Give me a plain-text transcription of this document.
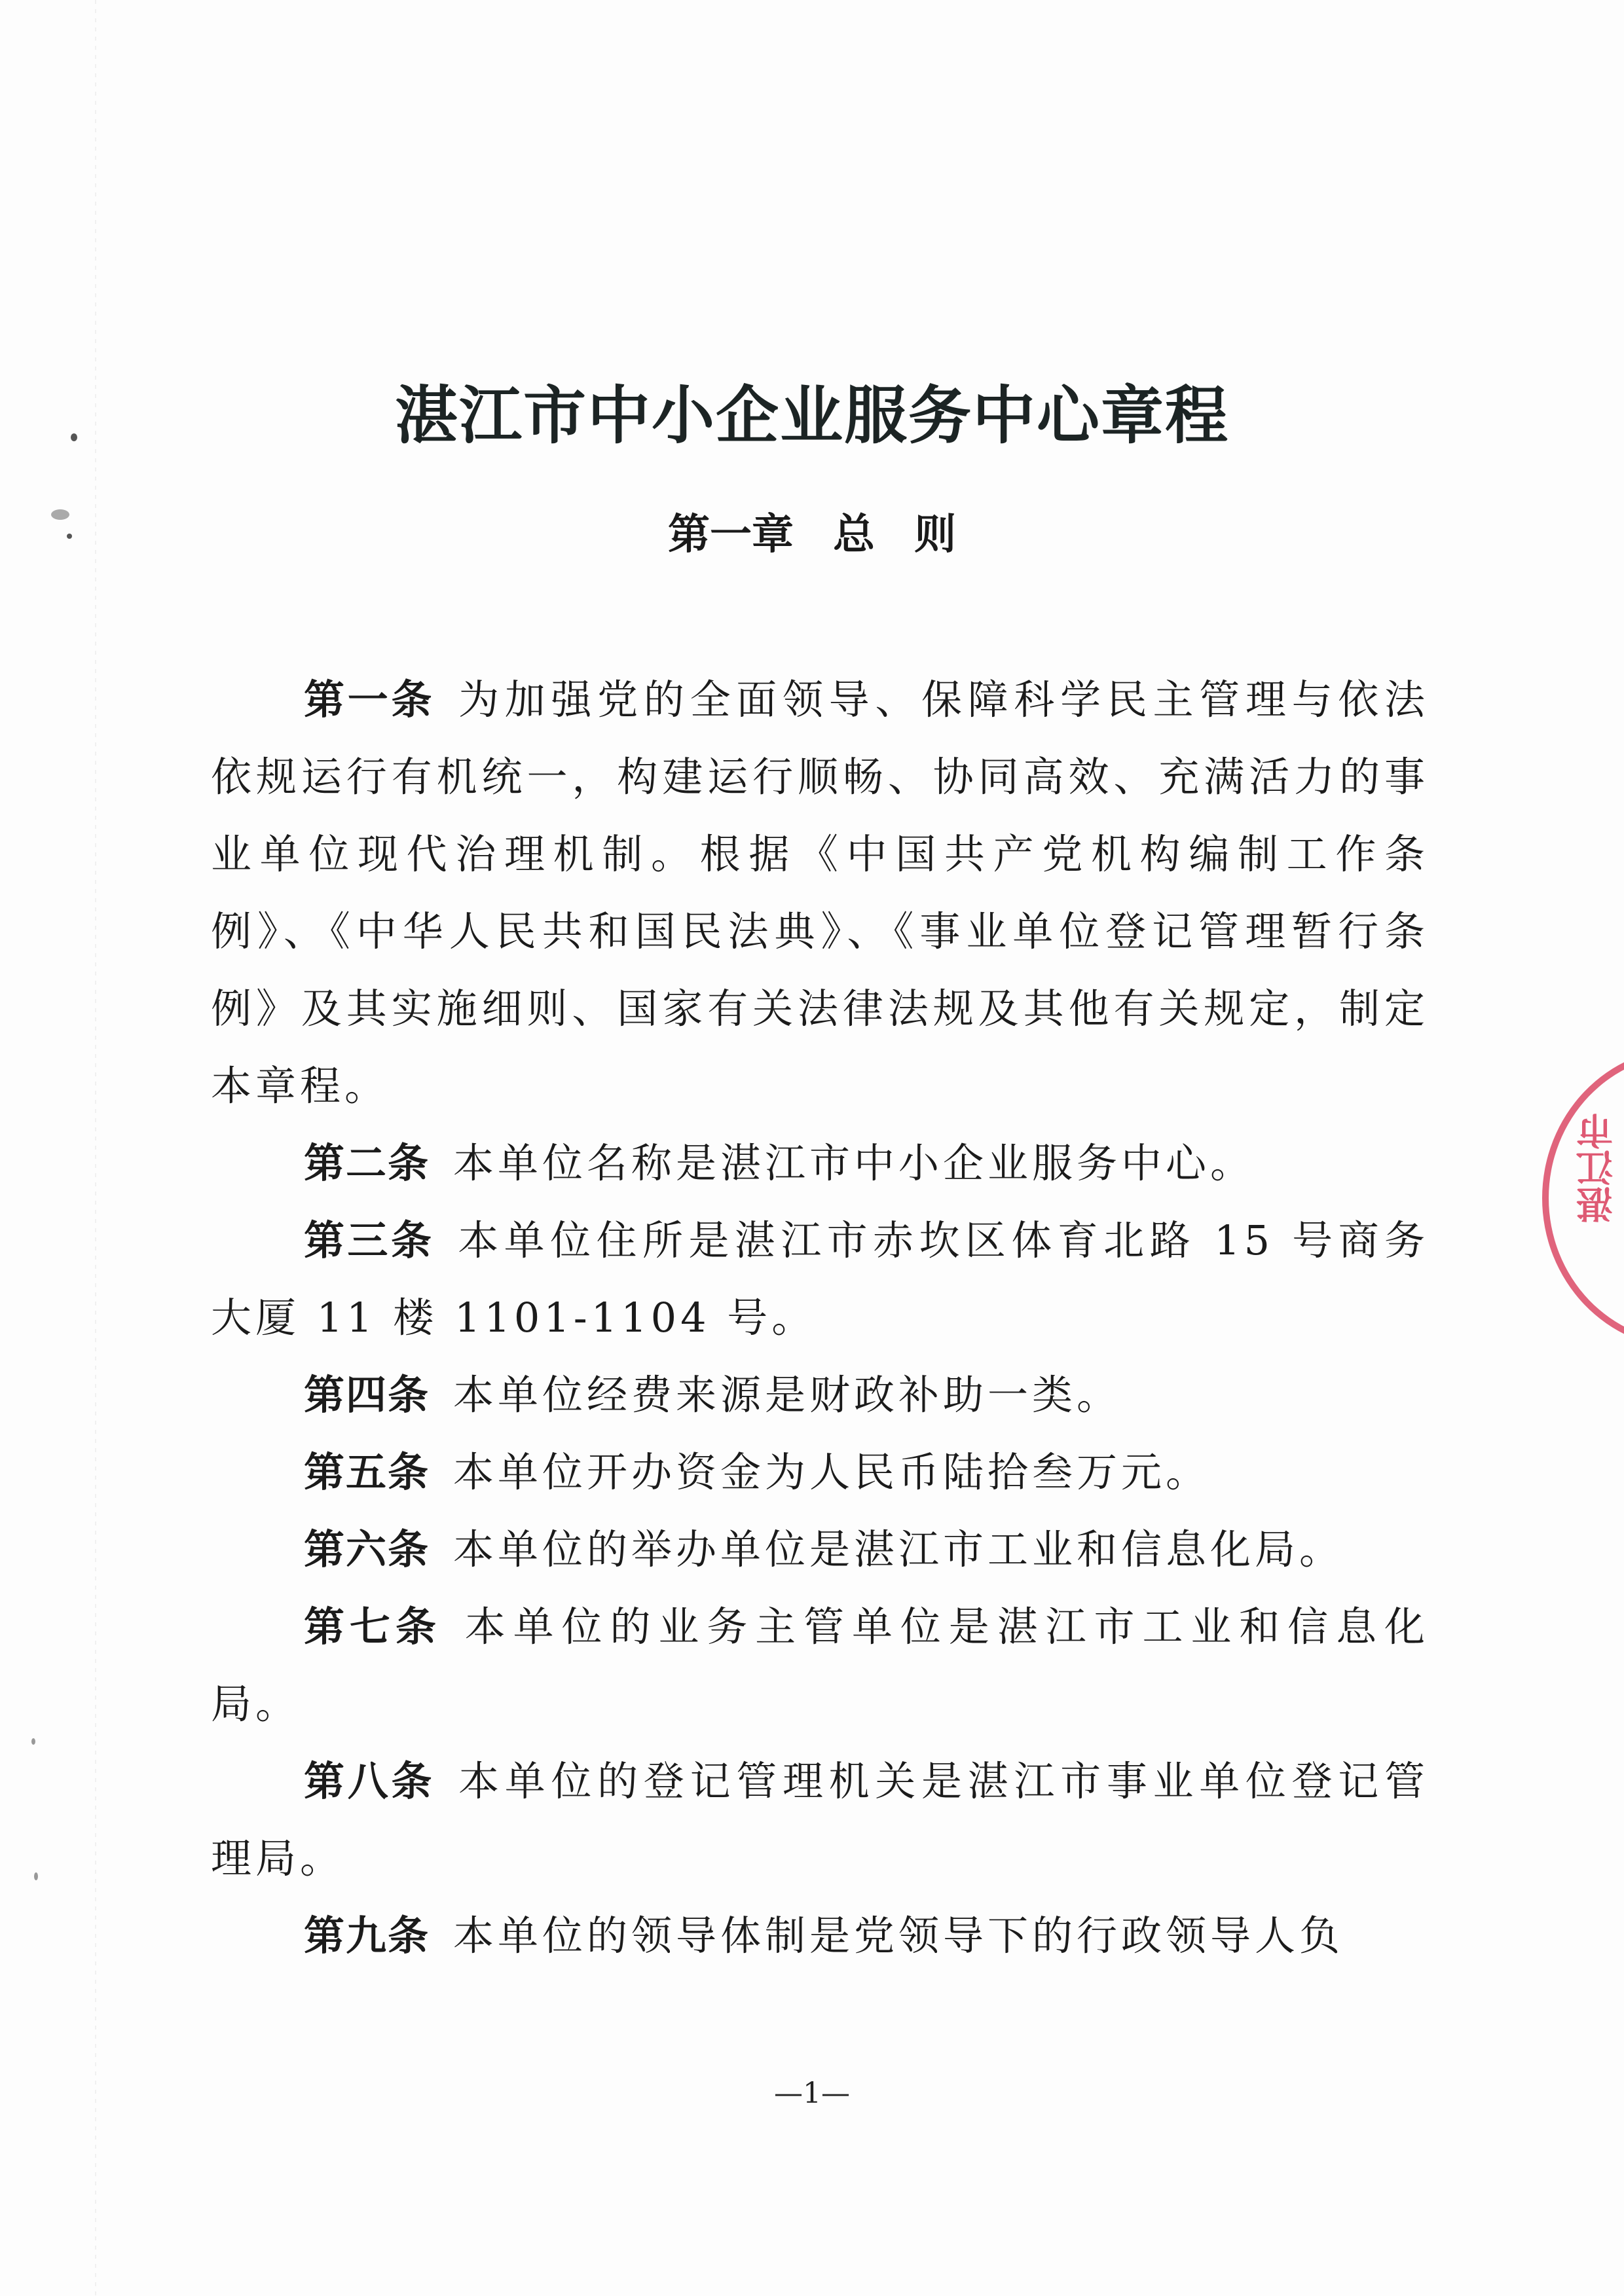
湛江市中小企业服务中心章程
第一章 总 则

第一条 为加强党的全面领导、保障科学民主管理与依法依规运行有机统一，构建运行顺畅、协同高效、充满活力的事业单位现代治理机制。根据《中国共产党机构编制工作条例》、《中华人民共和国民法典》、《事业单位登记管理暂行条例》及其实施细则、国家有关法律法规及其他有关规定，制定本章程。

第二条 本单位名称是湛江市中小企业服务中心。

第三条 本单位住所是湛江市赤坎区体育北路 15 号商务大厦 11 楼 1101-1104 号。

第四条 本单位经费来源是财政补助一类。

第五条 本单位开办资金为人民币陆拾叁万元。

第六条 本单位的举办单位是湛江市工业和信息化局。

第七条 本单位的业务主管单位是湛江市工业和信息化局。

第八条 本单位的登记管理机关是湛江市事业单位登记管理局。

第九条 本单位的领导体制是党领导下的行政领导人负

—1—
湛江市
